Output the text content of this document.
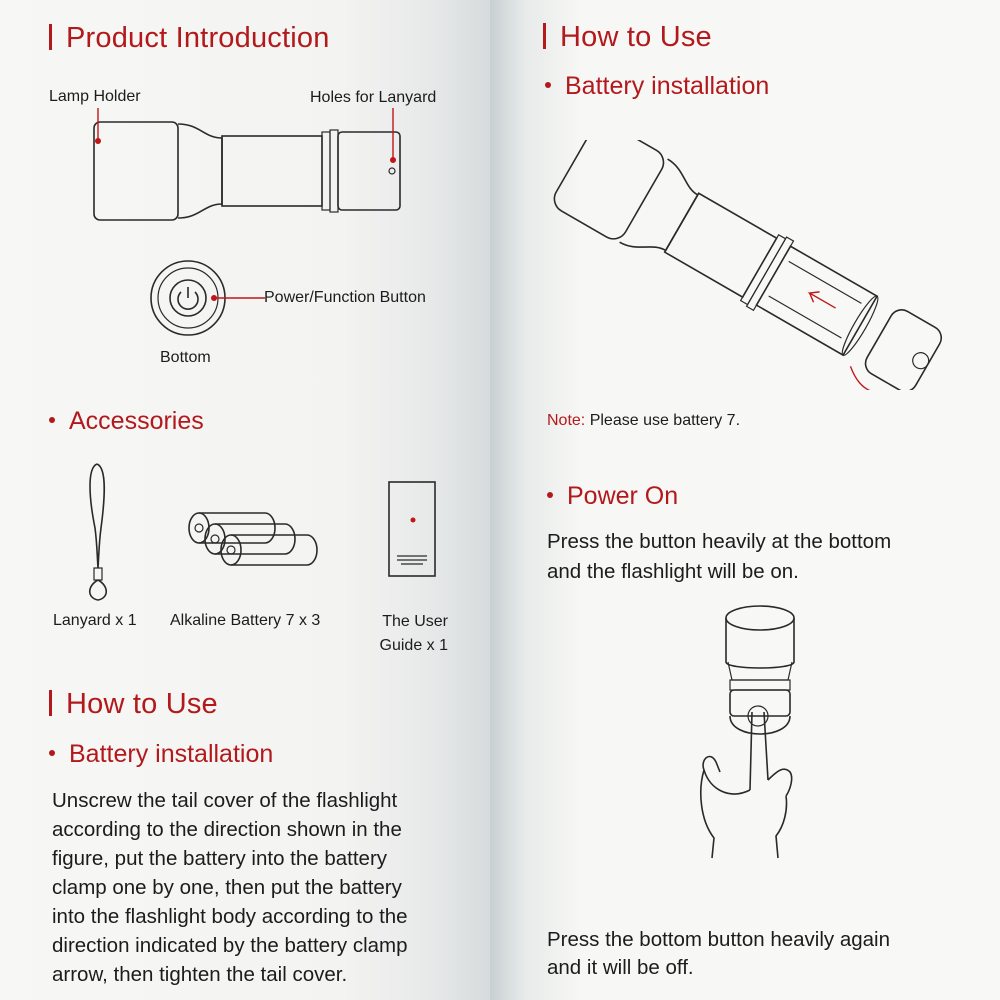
Product Introduction
Lamp Holder	Holes for Lanyard
Power/Function Button
Bottom
Accessories
Lanyard x 1 Alkaline Battery 7 x 3	The User
Guide x 1
How to Use
Battery installation
Unscrew the tail cover of the flashlight
according to the direction shown in the
figure, put the battery into the battery
clamp one by one, then put the battery
into the flashlight body according to the
direction indicated by the battery clamp
arrow, then tighten the tail cover.
How to Use
Battery installation
Note: Please use battery 7.
Power On
Press the button heavily at the bottom
and the flashlight will be on.
Press the bottom button heavily again
and it will be off.
